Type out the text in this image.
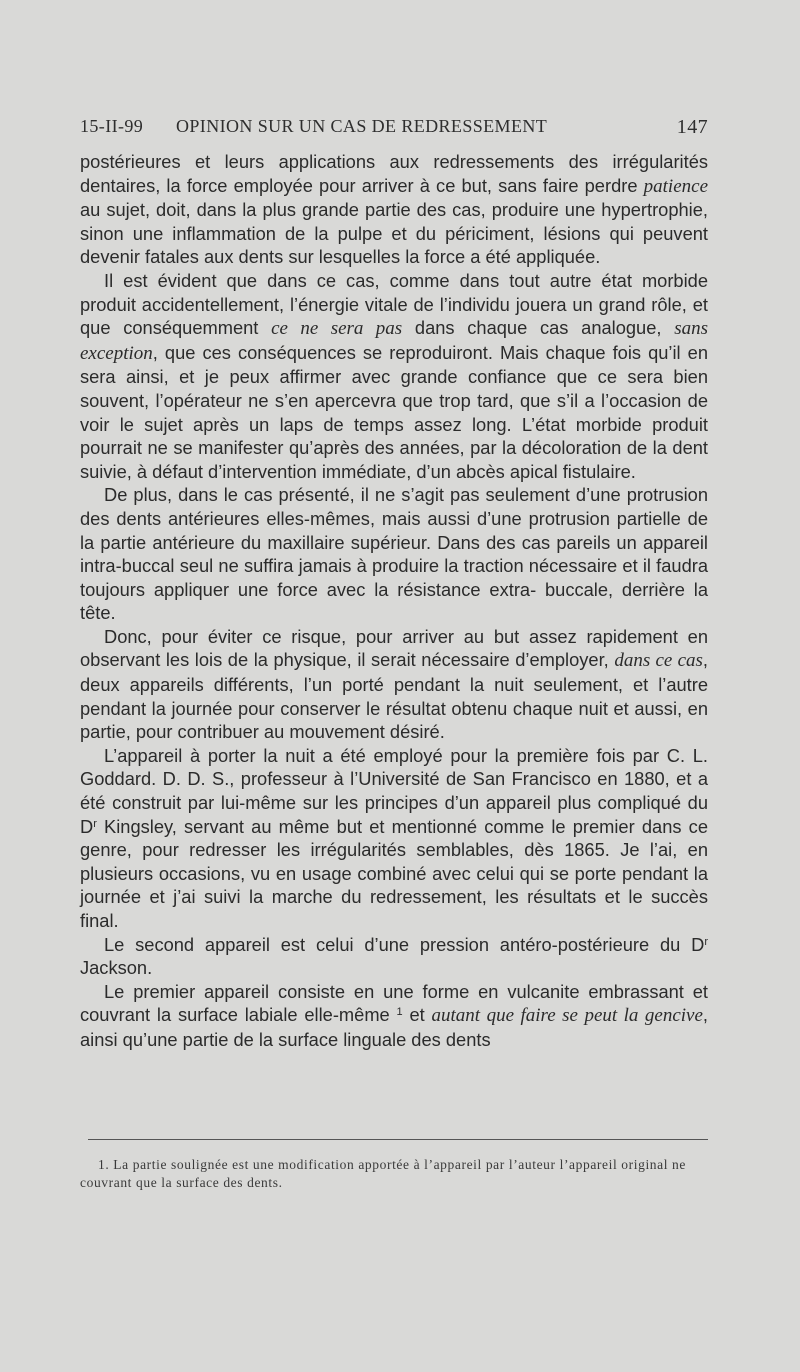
15-II-99 OPINION SUR UN CAS DE REDRESSEMENT	147

postérieures et leurs applications aux redressements des irrégularités dentaires, la force employée pour arriver à ce but, sans faire perdre patience au sujet, doit, dans la plus grande partie des cas, produire une hypertrophie, sinon une inflammation de la pulpe et du périciment, lésions qui peuvent devenir fatales aux dents sur lesquelles la force a été appliquée.

Il est évident que dans ce cas, comme dans tout autre état morbide produit accidentellement, l’énergie vitale de l’individu jouera un grand rôle, et que conséquemment ce ne sera pas dans chaque cas analogue, sans exception, que ces conséquences se reproduiront. Mais chaque fois qu’il en sera ainsi, et je peux affirmer avec grande confiance que ce sera bien souvent, l’opérateur ne s’en apercevra que trop tard, que s’il a l’occasion de voir le sujet après un laps de temps assez long. L’état morbide produit pourrait ne se manifester qu’après des années, par la décoloration de la dent suivie, à défaut d’intervention immédiate, d’un abcès apical fistulaire.

De plus, dans le cas présenté, il ne s’agit pas seulement d’une protrusion des dents antérieures elles-mêmes, mais aussi d’une protrusion partielle de la partie antérieure du maxillaire supérieur. Dans des cas pareils un appareil intra-buccal seul ne suffira jamais à produire la traction nécessaire et il faudra toujours appliquer une force avec la résistance extra- buccale, derrière la tête.

Donc, pour éviter ce risque, pour arriver au but assez rapidement en observant les lois de la physique, il serait nécessaire d’employer, dans ce cas, deux appareils différents, l’un porté pendant la nuit seulement, et l’autre pendant la journée pour conserver le résultat obtenu chaque nuit et aussi, en partie, pour contribuer au mouvement désiré.

L’appareil à porter la nuit a été employé pour la première fois par C. L. Goddard. D. D. S., professeur à l’Université de San Francisco en 1880, et a été construit par lui-même sur les principes d’un appareil plus compliqué du $D^r$ Kingsley, servant au même but et mentionné comme le premier dans ce genre, pour redresser les irrégularités semblables, dès 1865. Je l’ai, en plusieurs occasions, vu en usage combiné avec celui qui se porte pendant la journée et j’ai suivi la marche du redressement, les résultats et le succès final.

Le second appareil est celui d’une pression antéro-postérieure du $D^r$ Jackson.

Le premier appareil consiste en une forme en vulcanite embrassant et couvrant la surface labiale elle-même $^1$ et autant que faire se peut la gencive, ainsi qu’une partie de la surface linguale des dents

1. La partie soulignée est une modification apportée à l’appareil par l’auteur l’appareil original ne couvrant que la surface des dents.
